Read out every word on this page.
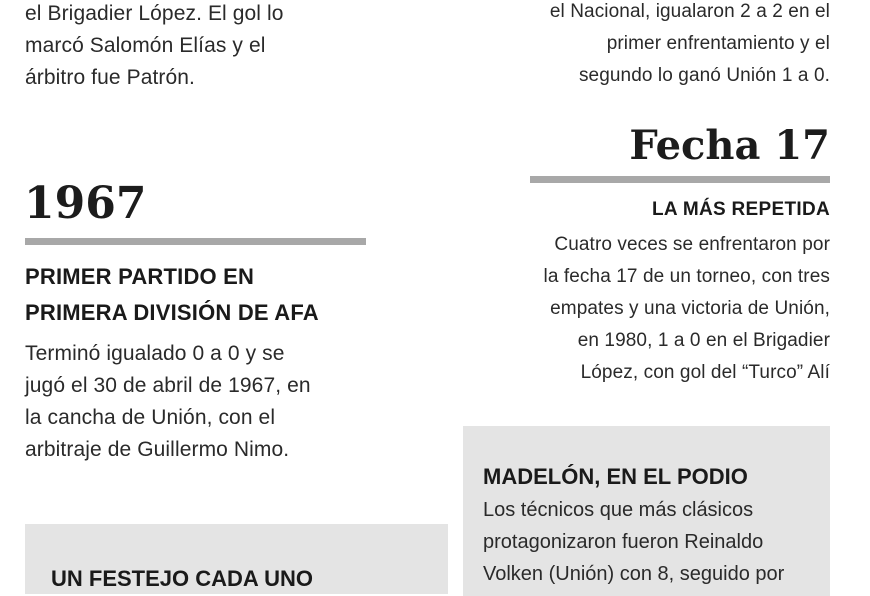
el Brigadier López. El gol lo
marcó Salomón Elías y el
árbitro fue Patrón.
el Nacional, igualaron 2 a 2 en el
primer enfrentamiento y el
segundo lo ganó Unión 1 a 0.
1967
PRIMER PARTIDO EN
PRIMERA DIVISIÓN DE AFA
Terminó igualado 0 a 0 y se
jugó el 30 de abril de 1967, en
la cancha de Unión, con el
arbitraje de Guillermo Nimo.
Fecha 17
LA MÁS REPETIDA
Cuatro veces se enfrentaron por
la fecha 17 de un torneo, con tres
empates y una victoria de Unión,
en 1980, 1 a 0 en el Brigadier
López, con gol del “Turco” Alí
MADELÓN, EN EL PODIO
Los técnicos que más clásicos
protagonizaron fueron Reinaldo
Volken (Unión) con 8, seguido por
UN FESTEJO CADA UNO
